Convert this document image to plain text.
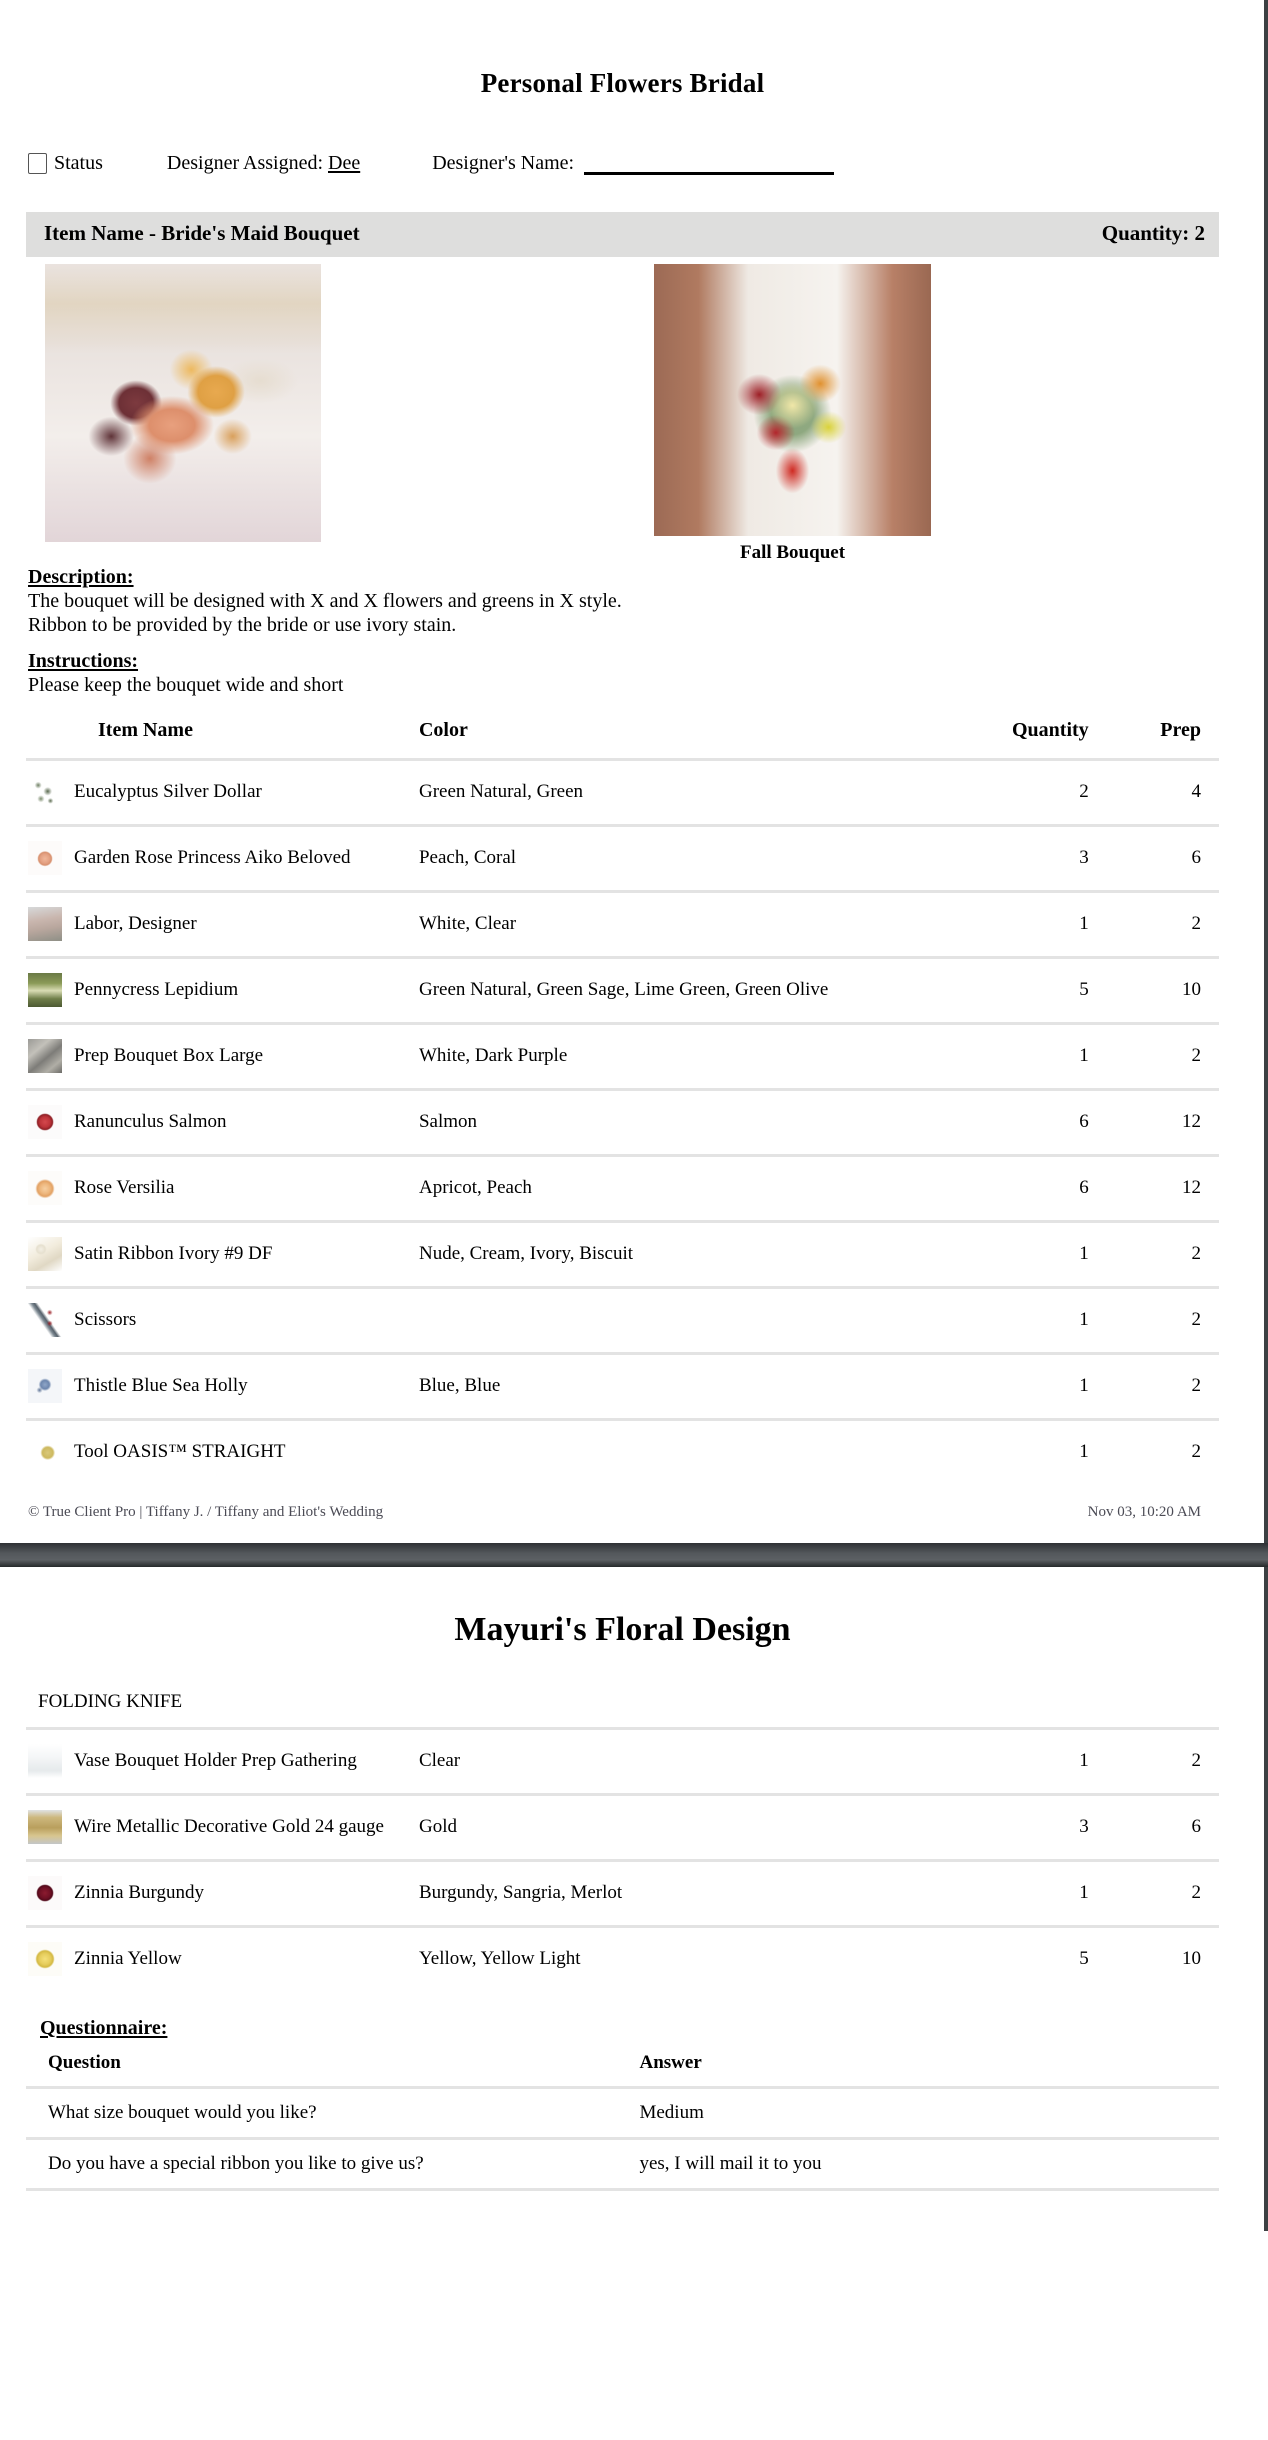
Personal Flowers Bridal
Status	Designer Assigned: Dee	Designer's Name:
Item Name - Bride's Maid Bouquet	Quantity: 2
Fall Bouquet
Description:
The bouquet will be designed with X and X flowers and greens in X style.
Ribbon to be provided by the bride or use ivory stain.
Instructions:
Please keep the bouquet wide and short
Item Name	Color	Quantity	Prep
Eucalyptus Silver Dollar	Green Natural, Green	2	4
Garden Rose Princess Aiko Beloved	Peach, Coral	3	6
Labor, Designer	White, Clear	1	2
Pennycress Lepidium	Green Natural, Green Sage, Lime Green, Green Olive	5	10
Prep Bouquet Box Large	White, Dark Purple	1	2
Ranunculus Salmon	Salmon	6	12
Rose Versilia	Apricot, Peach	6	12
Satin Ribbon Ivory #9 DF	Nude, Cream, Ivory, Biscuit	1	2
Scissors		1	2
Thistle Blue Sea Holly	Blue, Blue	1	2
Tool OASIS™ STRAIGHT		1	2
© True Client Pro | Tiffany J. / Tiffany and Eliot's Wedding	Nov 03, 10:20 AM
Mayuri's Floral Design
FOLDING KNIFE
Vase Bouquet Holder Prep Gathering	Clear	1	2
Wire Metallic Decorative Gold 24 gauge	Gold	3	6
Zinnia Burgundy	Burgundy, Sangria, Merlot	1	2
Zinnia Yellow	Yellow, Yellow Light	5	10
Questionnaire:
Question	Answer
What size bouquet would you like?	Medium
Do you have a special ribbon you like to give us?	yes, I will mail it to you
